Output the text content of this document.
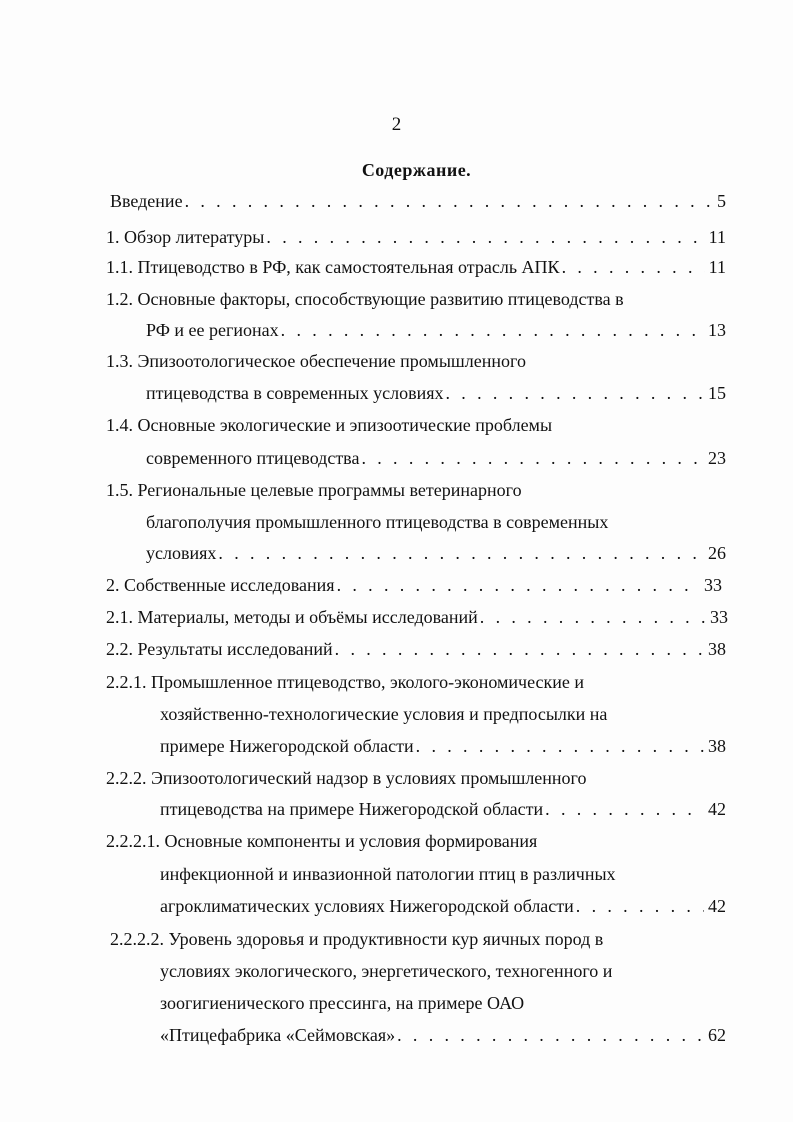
2
Содержание.
Введение . . .	5
1. Обзор литературы . . .	11
1.1. Птицеводство в РФ, как самостоятельная отрасль АПК . . .	11
1.2. Основные факторы, способствующие развитию птицеводства в
РФ и ее регионах . . .	13
1.3. Эпизоотологическое обеспечение промышленного
птицеводства в современных условиях . . .	15
1.4. Основные экологические и эпизоотические проблемы
современного птицеводства . . .	23
1.5. Региональные целевые программы ветеринарного
благополучия промышленного птицеводства в современных
условиях . . .	26
2. Собственные исследования . . .	33
2.1. Материалы, методы и объёмы исследований . . .	33
2.2. Результаты исследований . . .	38
2.2.1. Промышленное птицеводство, эколого-экономические и
хозяйственно-технологические условия и предпосылки на
примере Нижегородской области . . .	38
2.2.2. Эпизоотологический надзор в условиях промышленного
птицеводства на примере Нижегородской области . . .	42
2.2.2.1. Основные компоненты и условия формирования
инфекционной и инвазионной патологии птиц в различных
агроклиматических условиях Нижегородской области . . .	42
2.2.2.2. Уровень здоровья и продуктивности кур яичных пород в
условиях экологического, энергетического, техногенного и
зоогигиенического прессинга, на примере ОАО
«Птицефабрика «Сеймовская» . . .	62
